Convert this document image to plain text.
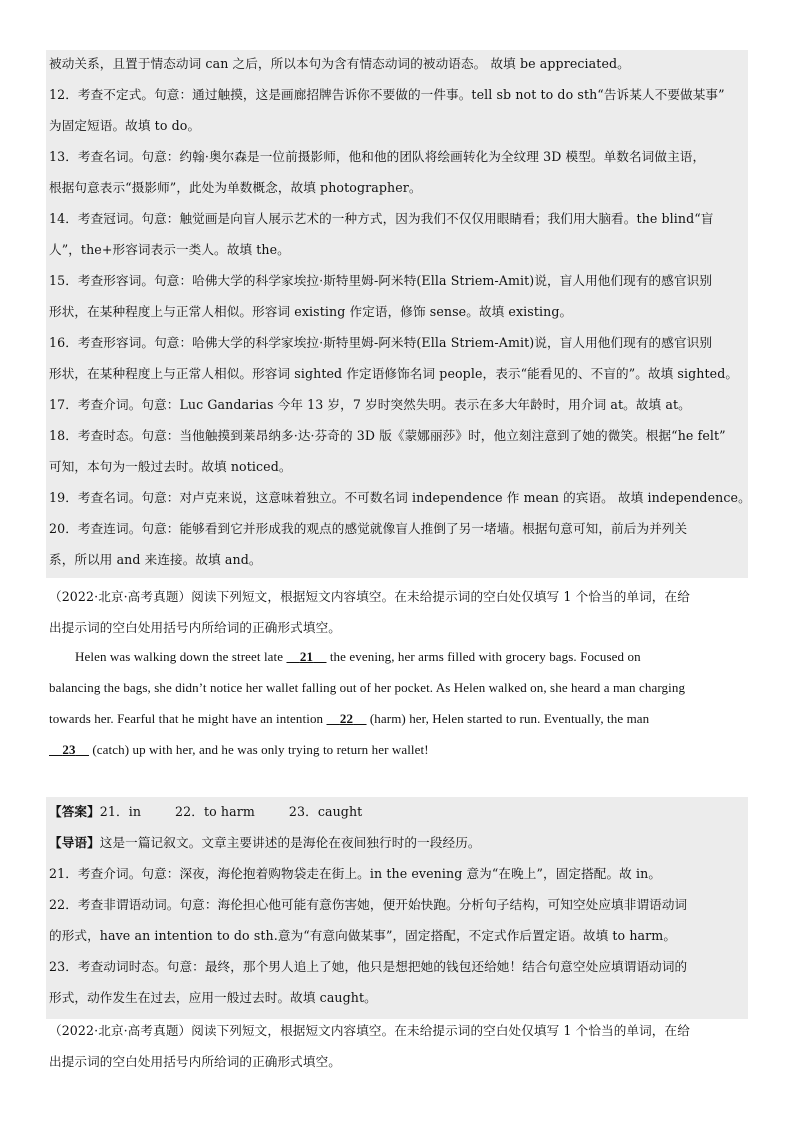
被动关系，且置于情态动词 can 之后，所以本句为含有情态动词的被动语态。 故填 be appreciated。
12．考查不定式。句意：通过触摸，这是画廊招牌告诉你不要做的一件事。tell sb not to do sth“告诉某人不要做某事”
为固定短语。故填 to do。
13．考查名词。句意：约翰·奥尔森是一位前摄影师，他和他的团队将绘画转化为全纹理 3D 模型。单数名词做主语，
根据句意表示“摄影师”，此处为单数概念，故填 photographer。
14．考查冠词。句意：触觉画是向盲人展示艺术的一种方式，因为我们不仅仅用眼睛看；我们用大脑看。the blind“盲
人”，the+形容词表示一类人。故填 the。
15．考查形容词。句意：哈佛大学的科学家埃拉·斯特里姆-阿米特(Ella Striem-Amit)说，盲人用他们现有的感官识别
形状，在某种程度上与正常人相似。形容词 existing 作定语，修饰 sense。故填 existing。
16．考查形容词。句意：哈佛大学的科学家埃拉·斯特里姆-阿米特(Ella Striem-Amit)说，盲人用他们现有的感官识别
形状，在某种程度上与正常人相似。形容词 sighted 作定语修饰名词 people，表示“能看见的、不盲的”。故填 sighted。
17．考查介词。句意：Luc Gandarias 今年 13 岁，7 岁时突然失明。表示在多大年龄时，用介词 at。故填 at。
18．考查时态。句意：当他触摸到莱昂纳多·达·芬奇的 3D 版《蒙娜丽莎》时，他立刻注意到了她的微笑。根据“he felt”
可知，本句为一般过去时。故填 noticed。
19．考查名词。句意：对卢克来说，这意味着独立。不可数名词 independence 作 mean 的宾语。 故填 independence。
20．考查连词。句意：能够看到它并形成我的观点的感觉就像盲人推倒了另一堵墙。根据句意可知，前后为并列关
系，所以用 and 来连接。故填 and。
（2022·北京·高考真题）阅读下列短文，根据短文内容填空。在未给提示词的空白处仅填写 1 个恰当的单词，在给
出提示词的空白处用括号内所给词的正确形式填空。
Helen was walking down the street late     21     the evening, her arms filled with grocery bags. Focused on
balancing the bags, she didn’t notice her wallet falling out of her pocket. As Helen walked on, she heard a man charging
towards her. Fearful that he might have an intention     22     (harm) her, Helen started to run. Eventually, the man
23     (catch) up with her, and he was only trying to return her wallet!
【答案】21．in	22．to harm	23．caught
【导语】这是一篇记叙文。文章主要讲述的是海伦在夜间独行时的一段经历。
21．考查介词。句意：深夜，海伦抱着购物袋走在街上。in the evening 意为“在晚上”，固定搭配。故 in。
22．考查非谓语动词。句意：海伦担心他可能有意伤害她，便开始快跑。分析句子结构，可知空处应填非谓语动词
的形式，have an intention to do sth.意为“有意向做某事”，固定搭配，不定式作后置定语。故填 to harm。
23．考查动词时态。句意：最终，那个男人追上了她，他只是想把她的钱包还给她！结合句意空处应填谓语动词的
形式，动作发生在过去，应用一般过去时。故填 caught。
（2022·北京·高考真题）阅读下列短文，根据短文内容填空。在未给提示词的空白处仅填写 1 个恰当的单词，在给
出提示词的空白处用括号内所给词的正确形式填空。
